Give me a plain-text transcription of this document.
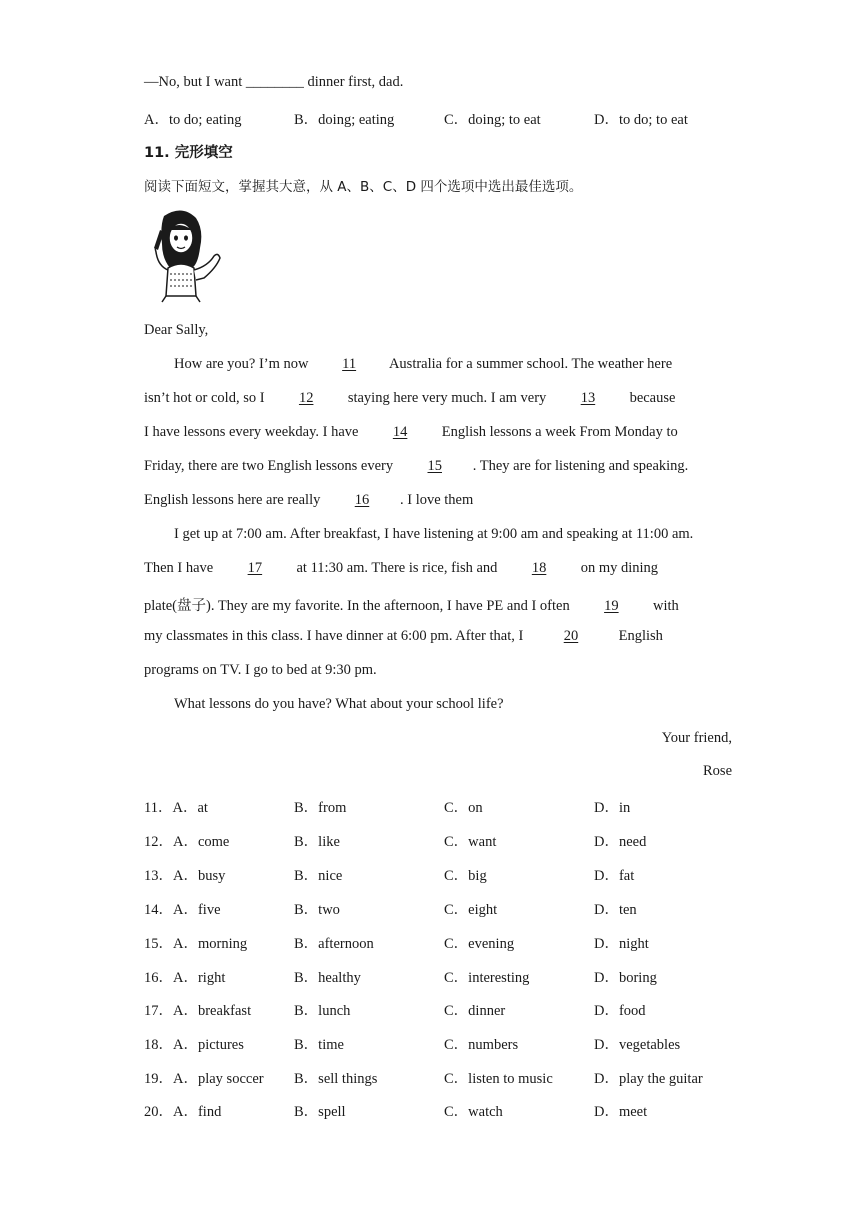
—No, but I want ________ dinner first, dad.
A．to do; eating	B．doing; eating	C．doing; to eat	D．to do; to eat
11. 完形填空
阅读下面短文，掌握其大意，从 A、B、C、D 四个选项中选出最佳选项。
Dear Sally,
How are you? I’m now 11 Australia for a summer school. The weather here
isn’t hot or cold, so I 12 staying here very much. I am very 13 because
I have lessons every weekday. I have 14 English lessons a week From Monday to
Friday, there are two English lessons every 15 . They are for listening and speaking.
English lessons here are really 16 . I love them
I get up at 7:00 am. After breakfast, I have listening at 9:00 am and speaking at 11:00 am.
Then I have 17 at 11:30 am. There is rice, fish and 18 on my dining
plate(盘子). They are my favorite. In the afternoon, I have PE and I often 19 with
my classmates in this class. I have dinner at 6:00 pm. After that, I	20	English
programs on TV. I go to bed at 9:30 pm.
What lessons do you have? What about your school life?
Your friend,
Rose
11．A．at	B．from	C．on	D．in
12．A．come	B．like	C．want	D．need
13．A．busy	B．nice	C．big	D．fat
14．A．five	B．two	C．eight	D．ten
15．A．morning	B．afternoon	C．evening	D．night
16．A．right	B．healthy	C．interesting	D．boring
17．A．breakfast	B．lunch	C．dinner	D．food
18．A．pictures	B．time	C．numbers	D．vegetables
19．A．play soccer B．sell things	C．listen to music	D．play the guitar
20．A．find	B．spell	C．watch	D．meet
